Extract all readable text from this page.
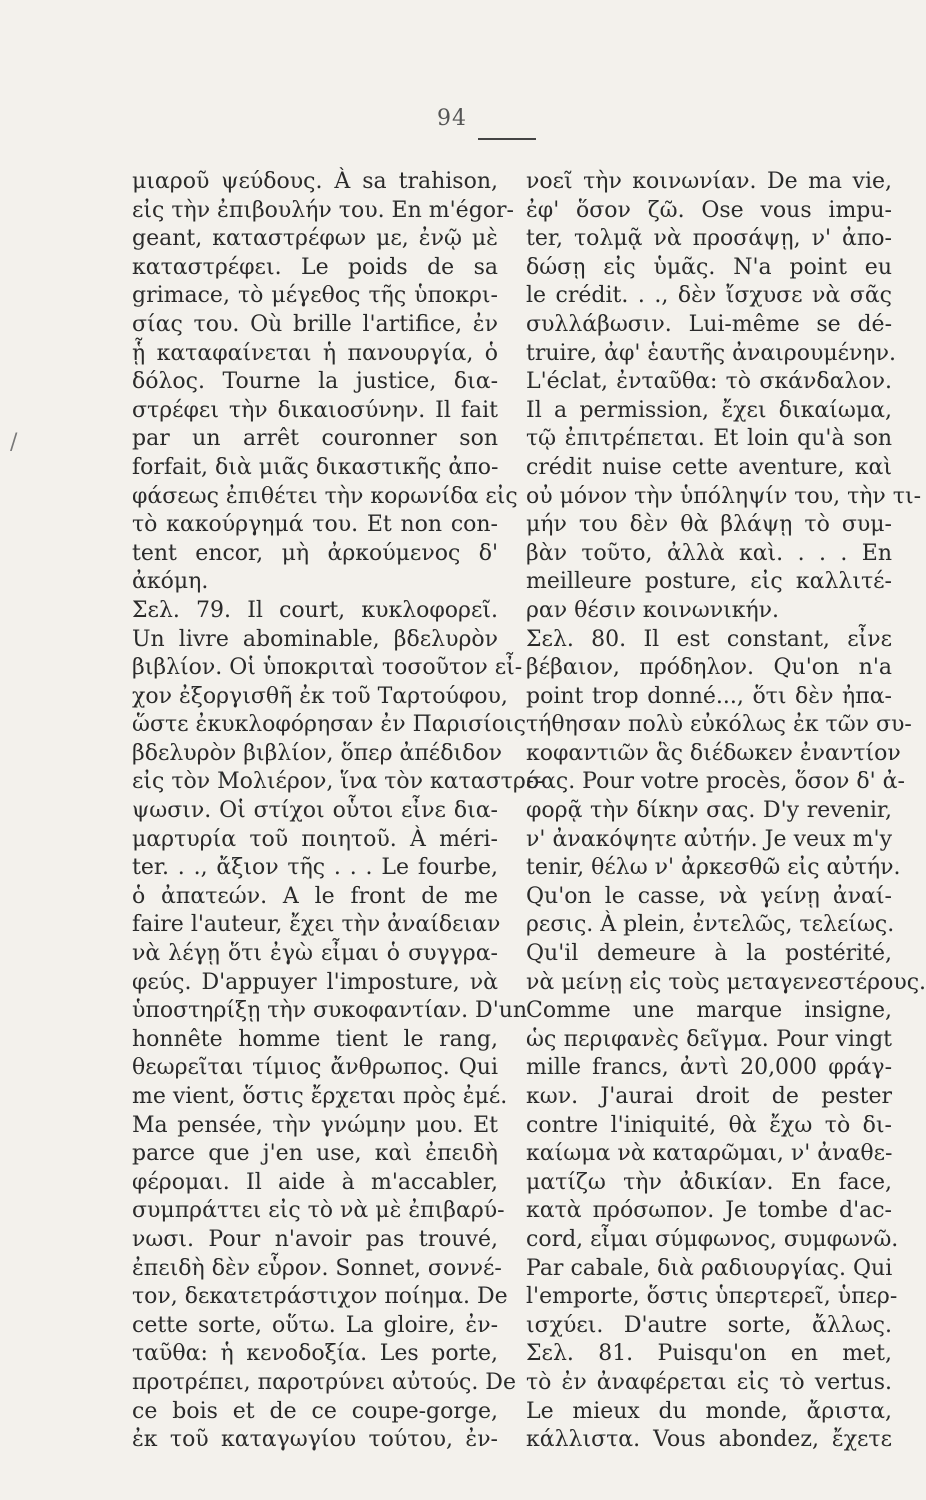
94
/
μιαροῦ ψεύδους. À sa trahison,
εἰς τὴν ἐπιβουλήν του. En m'égor-
geant, καταστρέφων με, ἐνῷ μὲ
καταστρέφει. Le poids de sa
grimace, τὸ μέγεθος τῆς ὑποκρι-
σίας του. Où brille l'artifice, ἐν
ᾗ καταφαίνεται ἡ πανουργία, ὁ
δόλος. Tourne la justice, δια-
στρέφει τὴν δικαιοσύνην. Il fait
par un arrêt couronner son
forfait, διὰ μιᾶς δικαστικῆς ἀπο-
φάσεως ἐπιθέτει τὴν κορωνίδα εἰς
τὸ κακούργημά του. Et non con-
tent encor, μὴ ἀρκούμενος δ'
ἀκόμη.
Σελ. 79. Il court, κυκλοφορεῖ.
Un livre abominable, βδελυρὸν
βιβλίον. Οἱ ὑποκριταὶ τοσοῦτον εἶ-
χον ἐξοργισθῆ ἐκ τοῦ Ταρτούφου,
ὥστε ἐκυκλοφόρησαν ἐν Παρισίοις
βδελυρὸν βιβλίον, ὅπερ ἀπέδιδον
εἰς τὸν Μολιέρον, ἵνα τὸν καταστρέ-
ψωσιν. Οἱ στίχοι οὗτοι εἶνε δια-
μαρτυρία τοῦ ποιητοῦ. À méri-
ter. . ., ἄξιον τῆς . . . Le fourbe,
ὁ ἀπατεών. A le front de me
faire l'auteur, ἔχει τὴν ἀναίδειαν
νὰ λέγῃ ὅτι ἐγὼ εἶμαι ὁ συγγρα-
φεύς. D'appuyer l'imposture, νὰ
ὑποστηρίξῃ τὴν συκοφαντίαν. D'un
honnête homme tient le rang,
θεωρεῖται τίμιος ἄνθρωπος. Qui
me vient, ὅστις ἔρχεται πρὸς ἐμέ.
Ma pensée, τὴν γνώμην μου. Et
parce que j'en use, καὶ ἐπειδὴ
φέρομαι. Il aide à m'accabler,
συμπράττει εἰς τὸ νὰ μὲ ἐπιβαρύ-
νωσι. Pour n'avoir pas trouvé,
ἐπειδὴ δὲν εὗρον. Sonnet, σοννέ-
τον, δεκατετράστιχον ποίημα. De
cette sorte, οὕτω. La gloire, ἐν-
ταῦθα: ἡ κενοδοξία. Les porte,
προτρέπει, παροτρύνει αὐτούς. De
ce bois et de ce coupe-gorge,
ἐκ τοῦ καταγωγίου τούτου, ἐν-
νοεῖ τὴν κοινωνίαν. De ma vie,
ἐφ' ὅσον ζῶ. Ose vous impu-
ter, τολμᾷ νὰ προσάψῃ, ν' ἀπο-
δώσῃ εἰς ὑμᾶς. N'a point eu
le crédit. . ., δὲν ἴσχυσε νὰ σᾶς
συλλάβωσιν. Lui-même se dé-
truire, ἀφ' ἑαυτῆς ἀναιρουμένην.
L'éclat, ἐνταῦθα: τὸ σκάνδαλον.
Il a permission, ἔχει δικαίωμα,
τῷ ἐπιτρέπεται. Et loin qu'à son
crédit nuise cette aventure, καὶ
οὐ μόνον τὴν ὑπόληψίν του, τὴν τι-
μήν του δὲν θὰ βλάψῃ τὸ συμ-
βὰν τοῦτο, ἀλλὰ καὶ. . . . En
meilleure posture, εἰς καλλιτέ-
ραν θέσιν κοινωνικήν.
Σελ. 80. Il est constant, εἶνε
βέβαιον, πρόδηλον. Qu'on n'a
point trop donné..., ὅτι δὲν ἠπα-
τήθησαν πολὺ εὐκόλως ἐκ τῶν συ-
κοφαντιῶν ἃς διέδωκεν ἐναντίον
σας. Pour votre procès, ὅσον δ' ἀ-
φορᾷ τὴν δίκην σας. D'y revenir,
ν' ἀνακόψητε αὐτήν. Je veux m'y
tenir, θέλω ν' ἀρκεσθῶ εἰς αὐτήν.
Qu'on le casse, νὰ γείνῃ ἀναί-
ρεσις. À plein, ἐντελῶς, τελείως.
Qu'il demeure à la postérité,
νὰ μείνῃ εἰς τοὺς μεταγενεστέρους.
Comme une marque insigne,
ὡς περιφανὲς δεῖγμα. Pour vingt
mille francs, ἀντὶ 20,000 φράγ-
κων. J'aurai droit de pester
contre l'iniquité, θὰ ἔχω τὸ δι-
καίωμα νὰ καταρῶμαι, ν' ἀναθε-
ματίζω τὴν ἀδικίαν. En face,
κατὰ πρόσωπον. Je tombe d'ac-
cord, εἶμαι σύμφωνος, συμφωνῶ.
Par cabale, διὰ ραδιουργίας. Qui
l'emporte, ὅστις ὑπερτερεῖ, ὑπερ-
ισχύει. D'autre sorte, ἄλλως.
Σελ. 81. Puisqu'on en met,
τὸ ἐν ἀναφέρεται εἰς τὸ vertus.
Le mieux du monde, ἄριστα,
κάλλιστα. Vous abondez, ἔχετε
